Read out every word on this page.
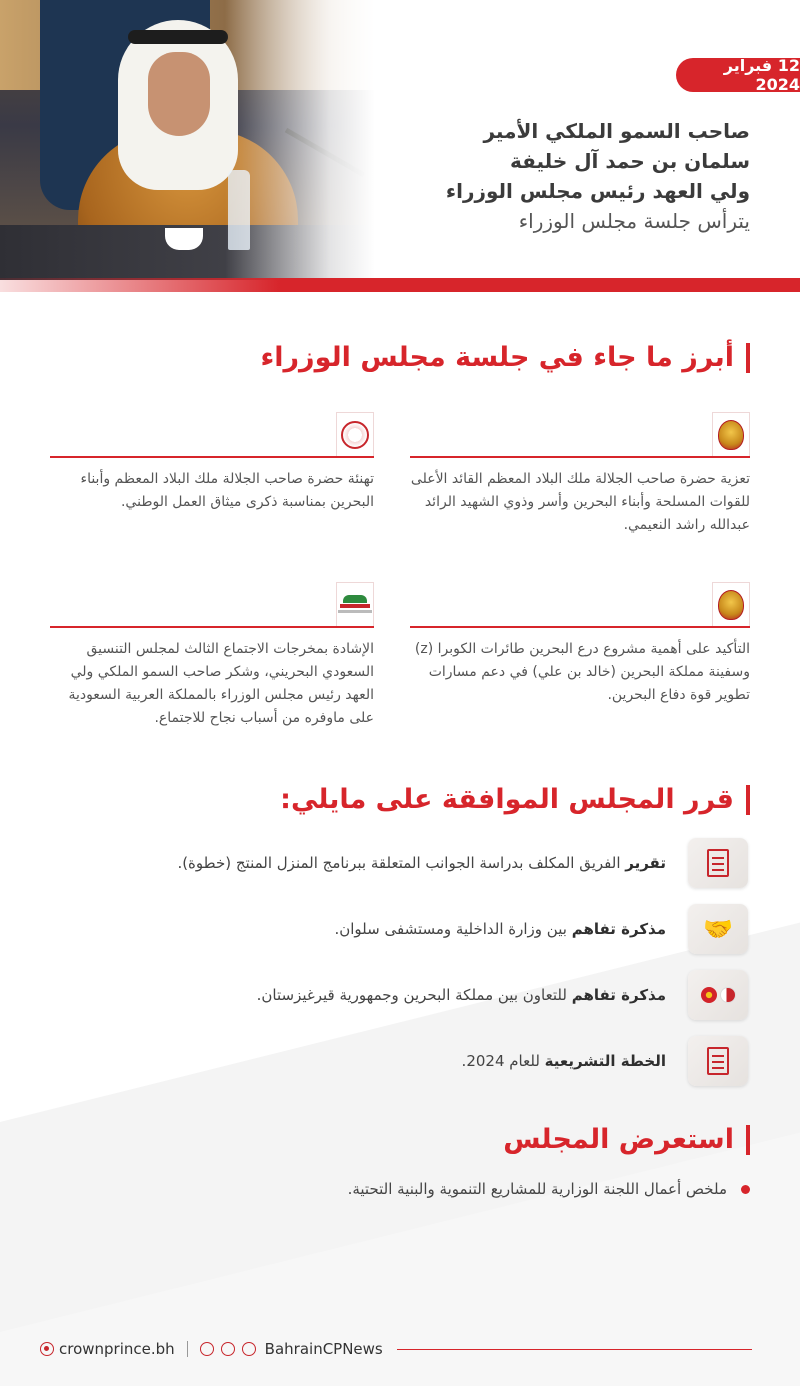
12 فبراير 2024
صاحب السمو الملكي الأمير
سلمان بن حمد آل خليفة
ولي العهد رئيس مجلس الوزراء
يترأس جلسة مجلس الوزراء
أبرز ما جاء في جلسة مجلس الوزراء
تعزية حضرة صاحب الجلالة ملك البلاد المعظم القائد الأعلى للقوات المسلحة وأبناء البحرين وأسر وذوي الشهيد الرائد عبدالله راشد النعيمي.
تهنئة حضرة صاحب الجلالة ملك البلاد المعظم وأبناء البحرين بمناسبة ذكرى ميثاق العمل الوطني.
التأكيد على أهمية مشروع درع البحرين طائرات الكوبرا (z) وسفينة مملكة البحرين (خالد بن علي) في دعم مسارات تطوير قوة دفاع البحرين.
الإشادة بمخرجات الاجتماع الثالث لمجلس التنسيق السعودي البحريني، وشكر صاحب السمو الملكي ولي العهد رئيس مجلس الوزراء بالمملكة العربية السعودية على ماوفره من أسباب نجاح للاجتماع.
قرر المجلس الموافقة على مايلي:
تقرير الفريق المكلف بدراسة الجوانب المتعلقة ببرنامج المنزل المنتج (خطوة).
🤝
مذكرة تفاهم بين وزارة الداخلية ومستشفى سلوان.
مذكرة تفاهم للتعاون بين مملكة البحرين وجمهورية قيرغيزستان.
الخطة التشريعية للعام 2024.
استعرض المجلس
ملخص أعمال اللجنة الوزارية للمشاريع التنموية والبنية التحتية.
crownprince.bh	BahrainCPNews
